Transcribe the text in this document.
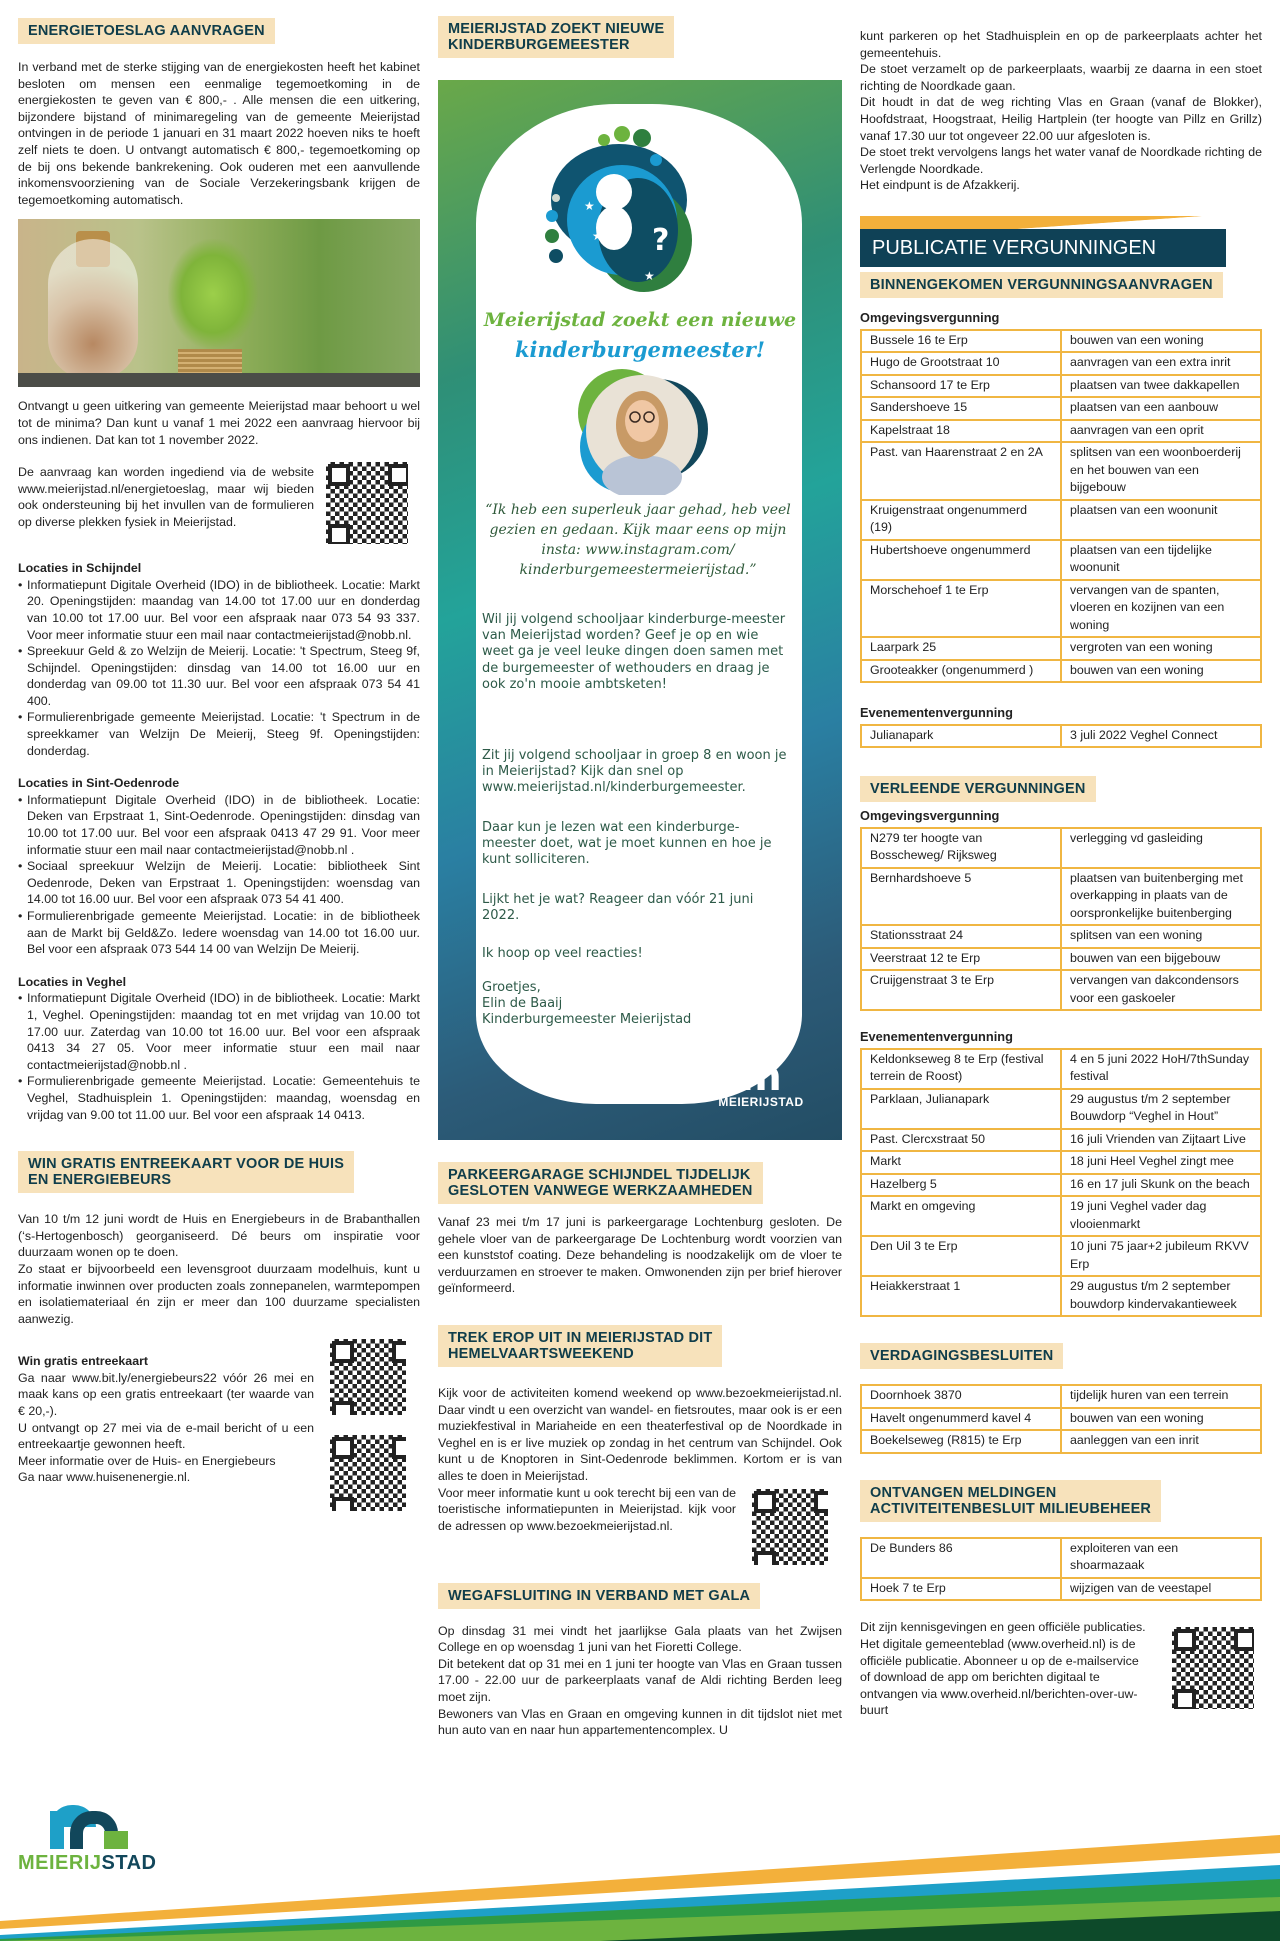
ENERGIETOESLAG AANVRAGEN

In verband met de sterke stijging van de energiekosten heeft het kabinet besloten om mensen een eenmalige tegemoetkoming in de energiekosten te geven van € 800,- . Alle mensen die een uitkering, bijzondere bijstand of minimaregeling van de gemeente Meierijstad ontvingen in de periode 1 januari en 31 maart 2022 hoeven niks te hoeft zelf niets te doen. U ontvangt automatisch € 800,- tegemoetkoming op de bij ons bekende bankrekening. Ook ouderen met een aanvullende inkomensvoorziening van de Sociale Verzekeringsbank krijgen de tegemoetkoming automatisch.

Ontvangt u geen uitkering van gemeente Meierijstad maar behoort u wel tot de minima? Dan kunt u vanaf 1 mei 2022 een aanvraag hiervoor bij ons indienen. Dat kan tot 1 november 2022.

De aanvraag kan worden ingediend via de website www.meierijstad.nl/energietoeslag, maar wij bieden ook ondersteuning bij het invullen van de formulieren op diverse plekken fysiek in Meierijstad.

Locaties in Schijndel
• Informatiepunt Digitale Overheid (IDO) in de bibliotheek. Locatie: Markt 20. Openingstijden: maandag van 14.00 tot 17.00 uur en donderdag van 10.00 tot 17.00 uur. Bel voor een afspraak naar 073 54 93 337. Voor meer informatie stuur een mail naar contactmeierijstad@nobb.nl.
• Spreekuur Geld & zo Welzijn de Meierij. Locatie: 't Spectrum, Steeg 9f, Schijndel. Openingstijden: dinsdag van 14.00 tot 16.00 uur en donderdag van 09.00 tot 11.30 uur. Bel voor een afspraak 073 54 41 400.
• Formulierenbrigade gemeente Meierijstad. Locatie: 't Spectrum in de spreekkamer van Welzijn De Meierij, Steeg 9f. Openingstijden: donderdag.
Locaties in Sint-Oedenrode
• Informatiepunt Digitale Overheid (IDO) in de bibliotheek. Locatie: Deken van Erpstraat 1, Sint-Oedenrode. Openingstijden: dinsdag van 10.00 tot 17.00 uur. Bel voor een afspraak 0413 47 29 91. Voor meer informatie stuur een mail naar contactmeierijstad@nobb.nl .
• Sociaal spreekuur Welzijn de Meierij. Locatie: bibliotheek Sint Oedenrode, Deken van Erpstraat 1. Openingstijden: woensdag van 14.00 tot 16.00 uur. Bel voor een afspraak 073 54 41 400.
• Formulierenbrigade gemeente Meierijstad. Locatie: in de bibliotheek aan de Markt bij Geld&Zo. Iedere woensdag van 14.00 tot 16.00 uur. Bel voor een afspraak 073 544 14 00 van Welzijn De Meierij.
Locaties in Veghel
• Informatiepunt Digitale Overheid (IDO) in de bibliotheek. Locatie: Markt 1, Veghel. Openingstijden: maandag tot en met vrijdag van 10.00 tot 17.00 uur. Zaterdag van 10.00 tot 16.00 uur. Bel voor een afspraak 0413 34 27 05. Voor meer informatie stuur een mail naar contactmeierijstad@nobb.nl .
• Formulierenbrigade gemeente Meierijstad. Locatie: Gemeentehuis te Veghel, Stadhuisplein 1. Openingstijden: maandag, woensdag en vrijdag van 9.00 tot 11.00 uur. Bel voor een afspraak 14 0413.
WIN GRATIS ENTREEKAART VOOR DE HUIS
EN ENERGIEBEURS

Van 10 t/m 12 juni wordt de Huis en Energiebeurs in de Brabanthallen (‘s-Hertogenbosch) georganiseerd. Dé beurs om inspiratie voor duurzaam wonen op te doen.

Zo staat er bijvoorbeeld een levensgroot duurzaam modelhuis, kunt u informatie inwinnen over producten zoals zonnepanelen, warmtepompen en isolatiemateriaal én zijn er meer dan 100 duurzame specialisten aanwezig.

Win gratis entreekaart

Ga naar www.bit.ly/energiebeurs22 vóór 26 mei en maak kans op een gratis entreekaart (ter waarde van € 20,-).

U ontvangt op 27 mei via de e-mail bericht of u een entreekaartje gewonnen heeft.

Meer informatie over de Huis- en Energiebeurs

Ga naar www.huisenenergie.nl.

MEIERIJSTAD
MEIERIJSTAD ZOEKT NIEUWE
KINDERBURGEMEESTER
?
?
★
★
★
Meierijstad zoekt een nieuwe
kinderburgemeester!
“Ik heb een superleuk jaar gehad, heb veel gezien en gedaan. Kijk maar eens op mijn insta: www.instagram.com/ kinderburgemeestermeierijstad.”
Wil jij volgend schooljaar kinderburge-meester van Meierijstad worden? Geef je op en wie weet ga je veel leuke dingen doen samen met de burgemeester of wethouders en draag je ook zo'n mooie ambtsketen!
Zit jij volgend schooljaar in groep 8 en woon je in Meierijstad? Kijk dan snel op www.meierijstad.nl/kinderburgemeester.
Daar kun je lezen wat een kinderburge-meester doet, wat je moet kunnen en hoe je kunt solliciteren.
Lijkt het je wat? Reageer dan vóór 21 juni 2022.
Ik hoop op veel reacties!
Groetjes,
Elin de Baaij
Kinderburgemeester Meierijstad
m
MEIERIJSTAD
PARKEERGARAGE SCHIJNDEL TIJDELIJK
GESLOTEN VANWEGE WERKZAAMHEDEN

Vanaf 23 mei t/m 17 juni is parkeergarage Lochtenburg gesloten. De gehele vloer van de parkeergarage De Lochtenburg wordt voorzien van een kunststof coating. Deze behandeling is noodzakelijk om de vloer te verduurzamen en stroever te maken. Omwonenden zijn per brief hierover geïnformeerd.

TREK EROP UIT IN MEIERIJSTAD DIT
HEMELVAARTSWEEKEND

Kijk voor de activiteiten komend weekend op www.bezoekmeierijstad.nl. Daar vindt u een overzicht van wandel- en fietsroutes, maar ook is er een muziekfestival in Mariaheide en een theaterfestival op de Noordkade in Veghel en is er live muziek op zondag in het centrum van Schijndel. Ook kunt u de Knoptoren in Sint-Oedenrode beklimmen. Kortom er is van alles te doen in Meierijstad.

Voor meer informatie kunt u ook terecht bij een van de toeristische informatiepunten in Meierijstad. kijk voor de adressen op www.bezoekmeierijstad.nl.

WEGAFSLUITING IN VERBAND MET GALA

Op dinsdag 31 mei vindt het jaarlijkse Gala plaats van het Zwijsen College en op woensdag 1 juni van het Fioretti College.

Dit betekent dat op 31 mei en 1 juni ter hoogte van Vlas en Graan tussen 17.00 - 22.00 uur de parkeerplaats vanaf de Aldi richting Berden leeg moet zijn.

Bewoners van Vlas en Graan en omgeving kunnen in dit tijdslot niet met hun auto van en naar hun appartementencomplex. U

kunt parkeren op het Stadhuisplein en op de parkeerplaats achter het gemeentehuis.

De stoet verzamelt op de parkeerplaats, waarbij ze daarna in een stoet richting de Noordkade gaan.

Dit houdt in dat de weg richting Vlas en Graan (vanaf de Blokker), Hoofdstraat, Hoogstraat, Heilig Hartplein (ter hoogte van Pillz en Grillz) vanaf 17.30 uur tot ongeveer 22.00 uur afgesloten is.

De stoet trekt vervolgens langs het water vanaf de Noordkade richting de Verlengde Noordkade.

Het eindpunt is de Afzakkerij.

PUBLICATIE VERGUNNINGEN
BINNENGEKOMEN VERGUNNINGSAANVRAGEN
Omgevingsvergunning
Bussele 16 te Erp	bouwen van een woning
Hugo de Grootstraat 10	aanvragen van een extra inrit
Schansoord 17 te Erp	plaatsen van twee dakkapellen
Sandershoeve 15	plaatsen van een aanbouw
Kapelstraat 18	aanvragen van een oprit
Past. van Haarenstraat 2 en 2A	splitsen van een woonboerderij en het bouwen van een bijgebouw
Kruigenstraat ongenummerd (19)	plaatsen van een woonunit
Hubertshoeve ongenummerd	plaatsen van een tijdelijke woonunit
Morschehoef 1 te Erp	vervangen van de spanten, vloeren en kozijnen van een woning
Laarpark 25	vergroten van een woning
Grooteakker (ongenummerd )	bouwen van een woning
Evenementenvergunning
Julianapark	3 juli 2022 Veghel Connect
VERLEENDE VERGUNNINGEN
Omgevingsvergunning
N279 ter hoogte van Bosscheweg/ Rijksweg	verlegging vd gasleiding
Bernhardshoeve 5	plaatsen van buitenberging met overkapping in plaats van de oorspronkelijke buitenberging
Stationsstraat 24	splitsen van een woning
Veerstraat 12 te Erp	bouwen van een bijgebouw
Cruijgenstraat 3 te Erp	vervangen van dakcondensors voor een gaskoeler
Evenementenvergunning
Keldonkseweg 8 te Erp (festival terrein de Roost)	4 en 5 juni 2022 HoH/7thSunday festival
Parklaan, Julianapark	29 augustus t/m 2 september Bouwdorp “Veghel in Hout”
Past. Clercxstraat 50	16 juli Vrienden van Zijtaart Live
Markt	18 juni Heel Veghel zingt mee
Hazelberg 5	16 en 17 juli Skunk on the beach
Markt en omgeving	19 juni Veghel vader dag vlooienmarkt
Den Uil 3 te Erp	10 juni 75 jaar+2 jubileum RKVV Erp
Heiakkerstraat 1	29 augustus t/m 2 september bouwdorp kindervakantieweek
VERDAGINGSBESLUITEN
Doornhoek 3870	tijdelijk huren van een terrein
Havelt ongenummerd kavel 4	bouwen van een woning
Boekelseweg (R815) te Erp	aanleggen van een inrit
ONTVANGEN MELDINGEN
ACTIVITEITENBESLUIT MILIEUBEHEER
De Bunders 86	exploiteren van een shoarmazaak
Hoek 7 te Erp	wijzigen van de veestapel

Dit zijn kennisgevingen en geen officiële publicaties. Het digitale gemeenteblad (www.overheid.nl) is de officiële publicatie. Abonneer u op de e-mailservice of download de app om berichten digitaal te ontvangen via www.overheid.nl/berichten-over-uw-buurt
